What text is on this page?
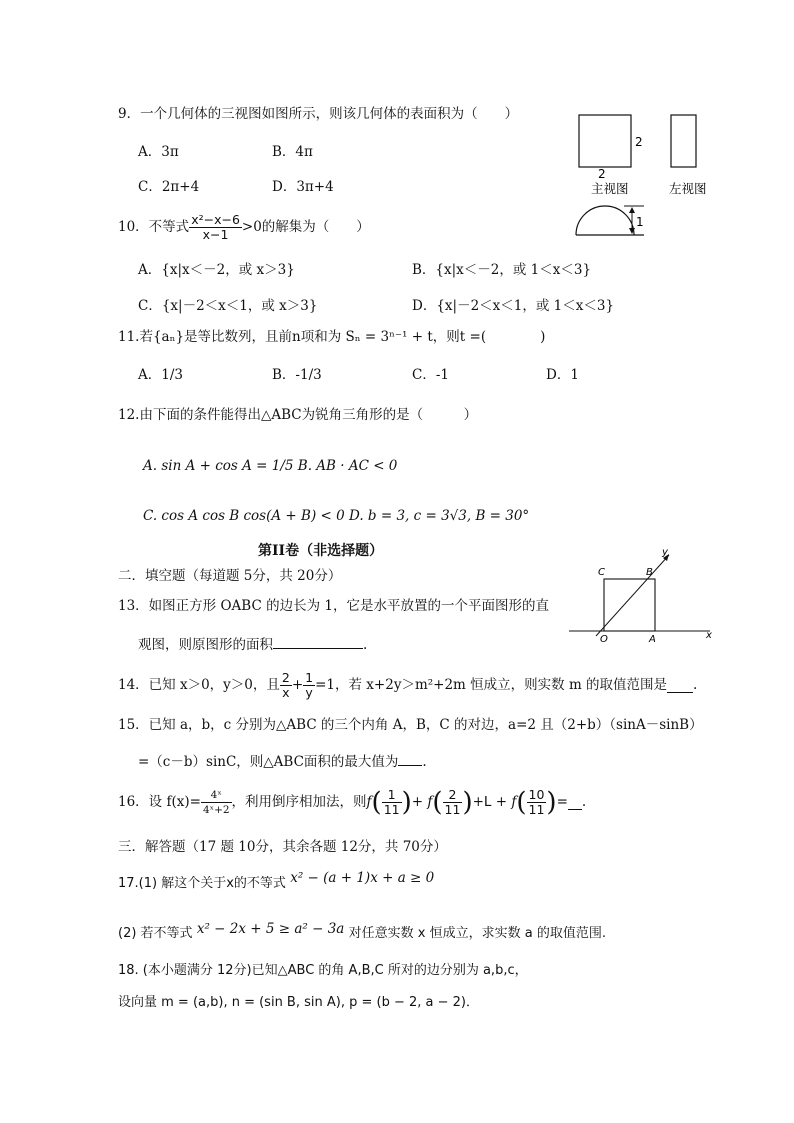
9．一个几何体的三视图如图所示，则该几何体的表面积为（　　）
A．3π	B．4π
C．2π+4	D．3π+4
2
2
主视图	左视图
1
10．不等式 $\frac{\text{x²−x−6}}{x-1} >0$的解集为（　　）
A．{x|x＜－2，或 x＞3}	B．{x|x＜－2，或 1＜x＜3}
C．{x|－2＜x＜1，或 x＞3}	D．{x|－2＜x＜1，或 1＜x＜3}
11.若{aₙ}是等比数列，且前n项和为 Sₙ = 3ⁿ⁻¹ + t，则t =(　　　　)
A．1/3	B．-1/3	C．-1	D．1
12.由下面的条件能得出△ABC为锐角三角形的是（　　　）
A. sin A + cos A = 1/5 B. AB · AC < 0
C. cos A cos B cos(A + B) < 0 D. b = 3, c = 3√3, B = 30°
第II卷（非选择题）
二．填空题（每道题 5分，共 20分）
13．如图正方形 OABC 的边长为 1，它是水平放置的一个平面图形的直
观图，则原图形的面积	.
x
y
C	B
O	A
14．已知 x＞0，y＞0，且 $\frac{2}{x} + \frac{1}{y} =1$，若 x+2y＞m²+2m 恒成立，则实数 m 的取值范围是 .
15．已知 a，b，c 分别为△ABC 的三个内角 A，B，C 的对边，a=2 且（2+b）（sinA－sinB）
=（c－b）sinC，则△ABC面积的最大值为 .
16．设 $f(x)= \frac{\text{4ˣ}}{\text{4ˣ+2}}$ ，利用倒序相加法，则$f( \frac{1}{11}$ )+ $f( \frac{2}{11} )+L + f( \frac{10}{11}$ )= .
三．解答题（17 题 10分，其余各题 12分，共 70分）
17.(1) 解这个关于x的不等式 x² − (a + 1)x + a ≥ 0
(2) 若不等式 x² − 2x + 5 ≥ a² − 3a 对任意实数 x 恒成立，求实数 a 的取值范围.
18. (本小题满分 12分)已知△ABC 的角 A,B,C 所对的边分别为 a,b,c，
设向量 m = (a,b), n = (sin B, sin A), p = (b − 2, a − 2)．
